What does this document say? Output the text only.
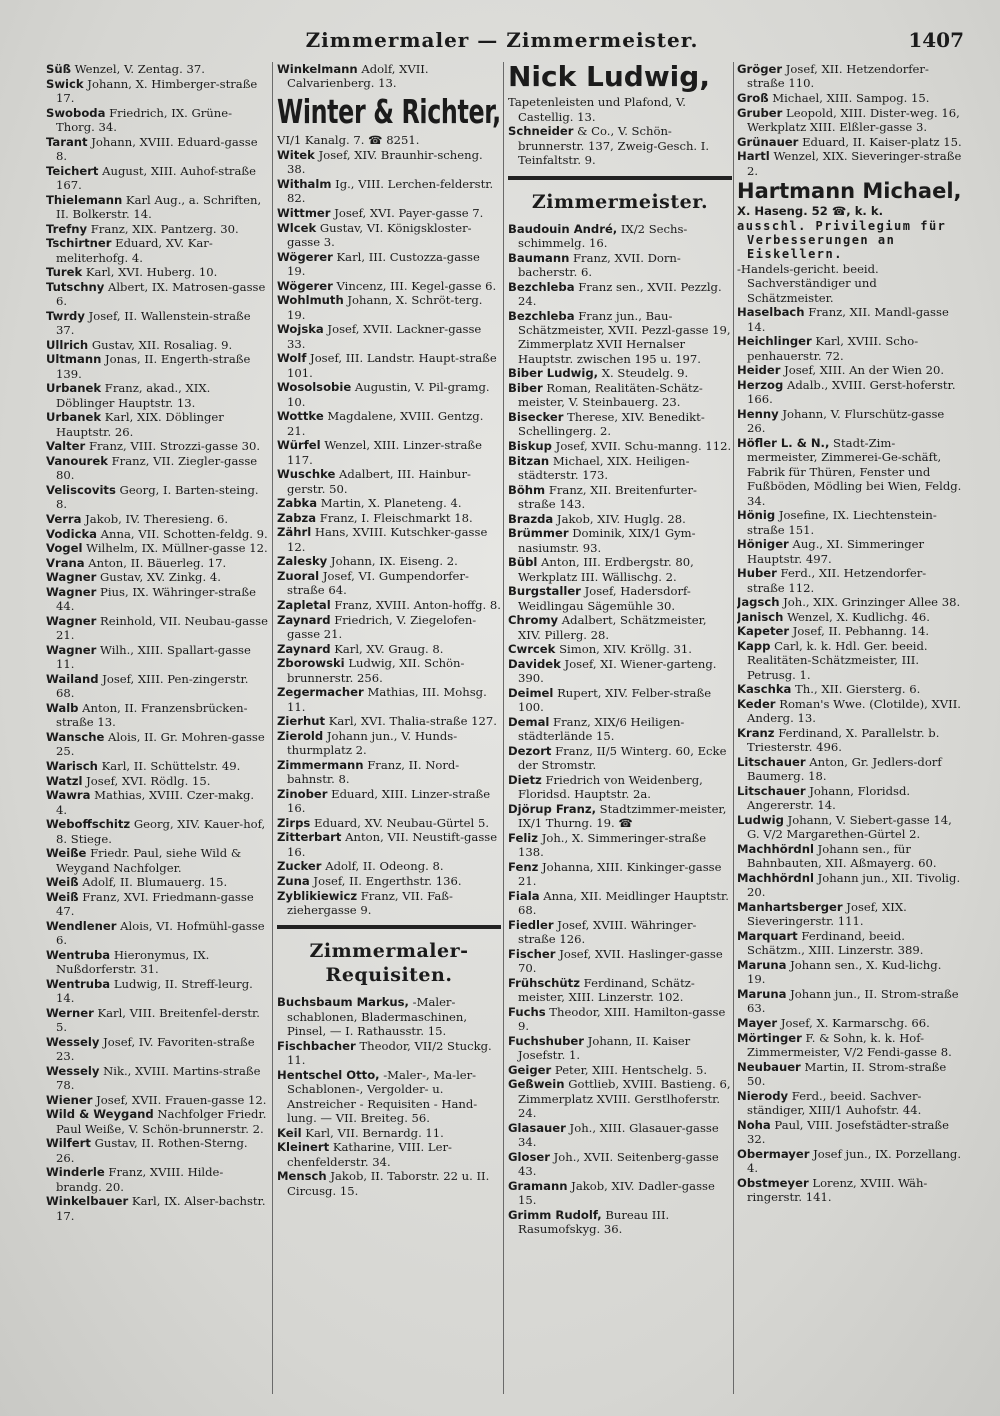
Zimmermaler — Zimmermeister.	1407
Süß Wenzel, V. Zentag. 37.
Swick Johann, X. Himberger-straße 17.
Swoboda Friedrich, IX. Grüne-Thorg. 34.
Tarant Johann, XVIII. Eduard-gasse 8.
Teichert August, XIII. Auhof-straße 167.
Thielemann Karl Aug., a. Schriften, II. Bolkerstr. 14.
Trefny Franz, XIX. Pantzerg. 30.
Tschirtner Eduard, XV. Kar-meliterhofg. 4.
Turek Karl, XVI. Huberg. 10.
Tutschny Albert, IX. Matrosen-gasse 6.
Twrdy Josef, II. Wallenstein-straße 37.
Ullrich Gustav, XII. Rosaliag. 9.
Ultmann Jonas, II. Engerth-straße 139.
Urbanek Franz, akad., XIX. Döblinger Hauptstr. 13.
Urbanek Karl, XIX. Döblinger Hauptstr. 26.
Valter Franz, VIII. Strozzi-gasse 30.
Vanourek Franz, VII. Ziegler-gasse 80.
Veliscovits Georg, I. Barten-steing. 8.
Verra Jakob, IV. Theresieng. 6.
Vodicka Anna, VII. Schotten-feldg. 9.
Vogel Wilhelm, IX. Müllner-gasse 12.
Vrana Anton, II. Bäuerleg. 17.
Wagner Gustav, XV. Zinkg. 4.
Wagner Pius, IX. Währinger-straße 44.
Wagner Reinhold, VII. Neubau-gasse 21.
Wagner Wilh., XIII. Spallart-gasse 11.
Wailand Josef, XIII. Pen-zingerstr. 68.
Walb Anton, II. Franzensbrücken-straße 13.
Wansche Alois, II. Gr. Mohren-gasse 25.
Warisch Karl, II. Schüttelstr. 49.
Watzl Josef, XVI. Rödlg. 15.
Wawra Mathias, XVIII. Czer-makg. 4.
Weboffschitz Georg, XIV. Kauer-hof, 8. Stiege.
Weiße Friedr. Paul, siehe Wild & Weygand Nachfolger.
Weiß Adolf, II. Blumauerg. 15.
Weiß Franz, XVI. Friedmann-gasse 47.
Wendlener Alois, VI. Hofmühl-gasse 6.
Wentruba Hieronymus, IX. Nußdorferstr. 31.
Wentruba Ludwig, II. Streff-leurg. 14.
Werner Karl, VIII. Breitenfel-derstr. 5.
Wessely Josef, IV. Favoriten-straße 23.
Wessely Nik., XVIII. Martins-straße 78.
Wiener Josef, XVII. Frauen-gasse 12.
Wild & Weygand Nachfolger Friedr. Paul Weiße, V. Schön-brunnerstr. 2.
Wilfert Gustav, II. Rothen-Sterng. 26.
Winderle Franz, XVIII. Hilde-brandg. 20.
Winkelbauer Karl, IX. Alser-bachstr. 17.
Winkelmann Adolf, XVII. Calvarienberg. 13.
Winter & Richter,
VI/1 Kanalg. 7. ☎ 8251.
Witek Josef, XIV. Braunhir-scheng. 38.
Withalm Ig., VIII. Lerchen-felderstr. 82.
Wittmer Josef, XVI. Payer-gasse 7.
Wlcek Gustav, VI. Königskloster-gasse 3.
Wögerer Karl, III. Custozza-gasse 19.
Wögerer Vincenz, III. Kegel-gasse 6.
Wohlmuth Johann, X. Schröt-terg. 19.
Wojska Josef, XVII. Lackner-gasse 33.
Wolf Josef, III. Landstr. Haupt-straße 101.
Wosolsobie Augustin, V. Pil-gramg. 10.
Wottke Magdalene, XVIII. Gentzg. 21.
Würfel Wenzel, XIII. Linzer-straße 117.
Wuschke Adalbert, III. Hainbur-gerstr. 50.
Zabka Martin, X. Planeteng. 4.
Zabza Franz, I. Fleischmarkt 18.
Zährl Hans, XVIII. Kutschker-gasse 12.
Zalesky Johann, IX. Eiseng. 2.
Zuoral Josef, VI. Gumpendorfer-straße 64.
Zapletal Franz, XVIII. Anton-hoffg. 8.
Zaynard Friedrich, V. Ziegelofen-gasse 21.
Zaynard Karl, XV. Graug. 8.
Zborowski Ludwig, XII. Schön-brunnerstr. 256.
Zegermacher Mathias, III. Mohsg. 11.
Zierhut Karl, XVI. Thalia-straße 127.
Zierold Johann jun., V. Hunds-thurmplatz 2.
Zimmermann Franz, II. Nord-bahnstr. 8.
Zinober Eduard, XIII. Linzer-straße 16.
Zirps Eduard, XV. Neubau-Gürtel 5.
Zitterbart Anton, VII. Neustift-gasse 16.
Zucker Adolf, II. Odeong. 8.
Zuna Josef, II. Engerthstr. 136.
Zyblikiewicz Franz, VII. Faß-ziehergasse 9.
Zimmermaler-Requisiten.
Buchsbaum Markus, -Maler-schablonen, Bladermaschinen, Pinsel, — I. Rathausstr. 15.
Fischbacher Theodor, VII/2 Stuckg. 11.
Hentschel Otto, -Maler-, Ma-ler-Schablonen-, Vergolder- u. Anstreicher - Requisiten - Hand-lung. — VII. Breiteg. 56.
Keil Karl, VII. Bernardg. 11.
Kleinert Katharine, VIII. Ler-chenfelderstr. 34.
Mensch Jakob, II. Taborstr. 22 u. II. Circusg. 15.
Nick Ludwig,
Tapetenleisten und Plafond, V. Castellig. 13.
Schneider & Co., V. Schön-brunnerstr. 137, Zweig-Gesch. I. Teinfaltstr. 9.
Zimmermeister.
Baudouin André, IX/2 Sechs-schimmelg. 16.
Baumann Franz, XVII. Dorn-bacherstr. 6.
Bezchleba Franz sen., XVII. Pezzlg. 24.
Bezchleba Franz jun., Bau-Schätzmeister, XVII. Pezzl-gasse 19, Zimmerplatz XVII Hernalser Hauptstr. zwischen 195 u. 197.
Biber Ludwig, X. Steudelg. 9.
Biber Roman, Realitäten-Schätz-meister, V. Steinbauerg. 23.
Bisecker Therese, XIV. Benedikt-Schellingerg. 2.
Biskup Josef, XVII. Schu-manng. 112.
Bitzan Michael, XIX. Heiligen-städterstr. 173.
Böhm Franz, XII. Breitenfurter-straße 143.
Brazda Jakob, XIV. Huglg. 28.
Brümmer Dominik, XIX/1 Gym-nasiumstr. 93.
Bübl Anton, III. Erdbergstr. 80, Werkplatz III. Wällischg. 2.
Burgstaller Josef, Hadersdorf-Weidlingau Sägemühle 30.
Chromy Adalbert, Schätzmeister, XIV. Pillerg. 28.
Cwrcek Simon, XIV. Kröllg. 31.
Davidek Josef, XI. Wiener-garteng. 390.
Deimel Rupert, XIV. Felber-straße 100.
Demal Franz, XIX/6 Heiligen-städterlände 15.
Dezort Franz, II/5 Winterg. 60, Ecke der Stromstr.
Dietz Friedrich von Weidenberg, Floridsd. Hauptstr. 2a.
Djörup Franz, Stadtzimmer-meister, IX/1 Thurng. 19. ☎
Feliz Joh., X. Simmeringer-straße 138.
Fenz Johanna, XIII. Kinkinger-gasse 21.
Fiala Anna, XII. Meidlinger Hauptstr. 68.
Fiedler Josef, XVIII. Währinger-straße 126.
Fischer Josef, XVII. Haslinger-gasse 70.
Frühschütz Ferdinand, Schätz-meister, XIII. Linzerstr. 102.
Fuchs Theodor, XIII. Hamilton-gasse 9.
Fuchshuber Johann, II. Kaiser Josefstr. 1.
Geiger Peter, XIII. Hentschelg. 5.
Geßwein Gottlieb, XVIII. Bastieng. 6, Zimmerplatz XVIII. Gerstlhoferstr. 24.
Glasauer Joh., XIII. Glasauer-gasse 34.
Gloser Joh., XVII. Seitenberg-gasse 43.
Gramann Jakob, XIV. Dadler-gasse 15.
Grimm Rudolf, Bureau III. Rasumofskyg. 36.
Gröger Josef, XII. Hetzendorfer-straße 110.
Groß Michael, XIII. Sampog. 15.
Gruber Leopold, XIII. Dister-weg. 16, Werkplatz XIII. Elßler-gasse 3.
Grünauer Eduard, II. Kaiser-platz 15.
Hartl Wenzel, XIX. Sieveringer-straße 2.
Hartmann Michael,
X. Haseng. 52 ☎, k. k.
ausschl. Privilegium für Verbesserungen an Eiskellern.
-Handels-gericht. beeid. Sachverständiger und Schätzmeister.
Haselbach Franz, XII. Mandl-gasse 14.
Heichlinger Karl, XVIII. Scho-penhauerstr. 72.
Heider Josef, XIII. An der Wien 20.
Herzog Adalb., XVIII. Gerst-hoferstr. 166.
Henny Johann, V. Flurschütz-gasse 26.
Höfler L. & N., Stadt-Zim-mermeister, Zimmerei-Ge-schäft, Fabrik für Thüren, Fenster und Fußböden, Mödling bei Wien, Feldg. 34.
Hönig Josefine, IX. Liechtenstein-straße 151.
Höniger Aug., XI. Simmeringer Hauptstr. 497.
Huber Ferd., XII. Hetzendorfer-straße 112.
Jagsch Joh., XIX. Grinzinger Allee 38.
Janisch Wenzel, X. Kudlichg. 46.
Kapeter Josef, II. Pebhanng. 14.
Kapp Carl, k. k. Hdl. Ger. beeid. Realitäten-Schätzmeister, III. Petrusg. 1.
Kaschka Th., XII. Giersterg. 6.
Keder Roman's Wwe. (Clotilde), XVII. Anderg. 13.
Kranz Ferdinand, X. Parallelstr. b. Triesterstr. 496.
Litschauer Anton, Gr. Jedlers-dorf Baumerg. 18.
Litschauer Johann, Floridsd. Angererstr. 14.
Ludwig Johann, V. Siebert-gasse 14, G. V/2 Margarethen-Gürtel 2.
Machhördnl Johann sen., für Bahnbauten, XII. Aßmayerg. 60.
Machhördnl Johann jun., XII. Tivolig. 20.
Manhartsberger Josef, XIX. Sieveringerstr. 111.
Marquart Ferdinand, beeid. Schätzm., XIII. Linzerstr. 389.
Maruna Johann sen., X. Kud-lichg. 19.
Maruna Johann jun., II. Strom-straße 63.
Mayer Josef, X. Karmarschg. 66.
Mörtinger F. & Sohn, k. k. Hof-Zimmermeister, V/2 Fendi-gasse 8.
Neubauer Martin, II. Strom-straße 50.
Nierody Ferd., beeid. Sachver-ständiger, XIII/1 Auhofstr. 44.
Noha Paul, VIII. Josefstädter-straße 32.
Obermayer Josef jun., IX. Porzellang. 4.
Obstmeyer Lorenz, XVIII. Wäh-ringerstr. 141.
